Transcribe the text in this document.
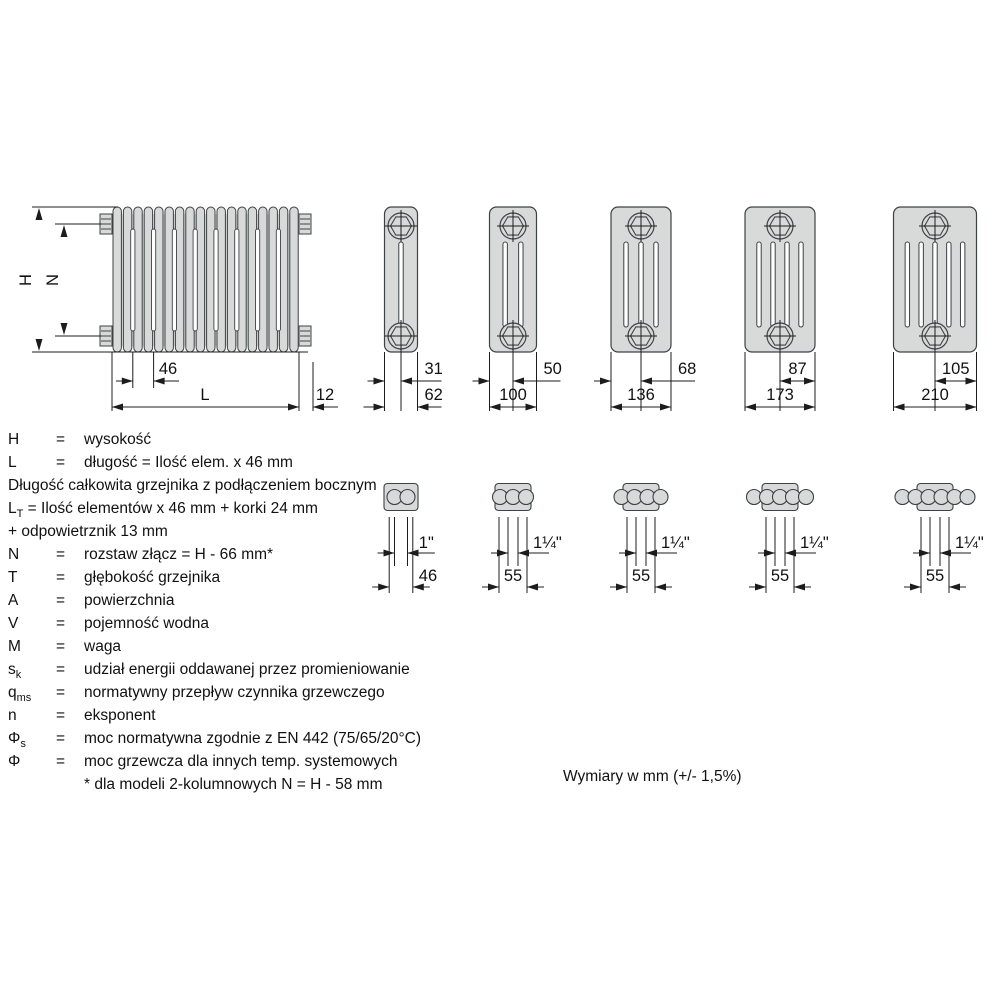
H N
46
L	12
31
62
1"
46
50
100
1¼"
55
68
136
1¼"
55
87
173
1¼"
55
105
210
1¼"
55
H	=	wysokość
L	=	długość = Ilość elem. x 46 mm
Długość całkowita grzejnika z podłączeniem bocznym
$L_T$ = Ilość elementów x 46 mm + korki 24 mm
+ odpowietrznik 13 mm
N	=	rozstaw złącz = H - 66 mm*
T	=	głębokość grzejnika
A	=	powierzchnia
V	=	pojemność wodna
M	=	waga
$s_k$	=	udział energii oddawanej przez promieniowanie
$q_{ms}$	=	normatywny przepływ czynnika grzewczego
n	=	eksponent
$\Phi_s$	=	moc normatywna zgodnie z EN 442 (75/65/20°C)
Φ	=	moc grzewcza dla innych temp. systemowych
* dla modeli 2-kolumnowych N = H - 58 mm	Wymiary w mm (+/- 1,5%)
